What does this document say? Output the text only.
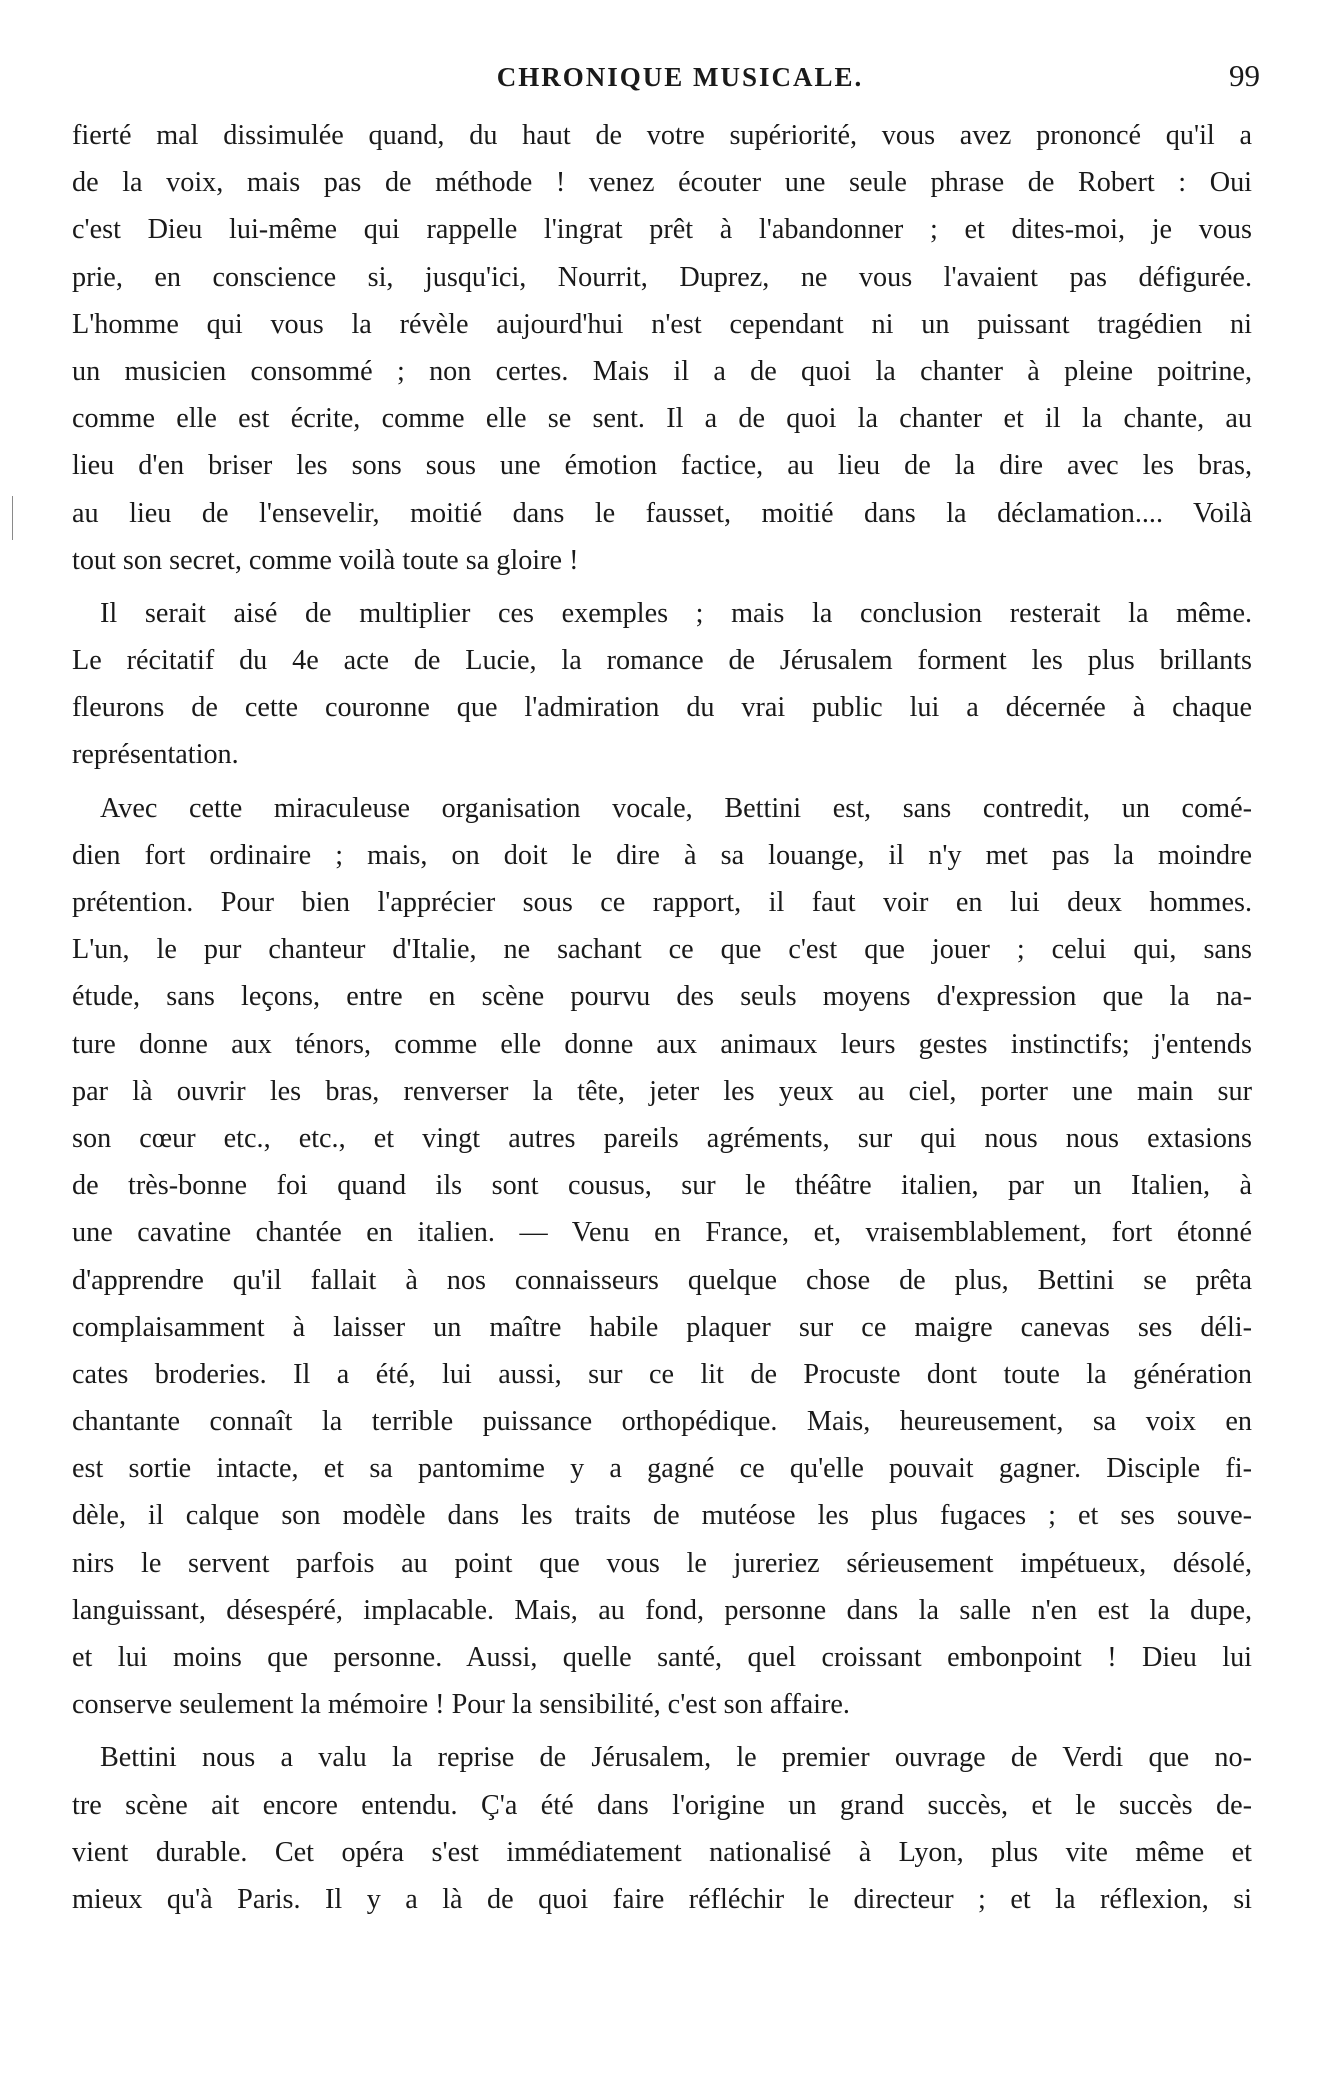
CHRONIQUE MUSICALE.	99
fierté mal dissimulée quand, du haut de votre supériorité, vous avez prononcé qu'il a
de la voix, mais pas de méthode ! venez écouter une seule phrase de Robert : Oui
c'est Dieu lui-même qui rappelle l'ingrat prêt à l'abandonner ; et dites-moi, je vous
prie, en conscience si, jusqu'ici, Nourrit, Duprez, ne vous l'avaient pas défigurée.
L'homme qui vous la révèle aujourd'hui n'est cependant ni un puissant tragédien ni
un musicien consommé ; non certes. Mais il a de quoi la chanter à pleine poitrine,
comme elle est écrite, comme elle se sent. Il a de quoi la chanter et il la chante, au
lieu d'en briser les sons sous une émotion factice, au lieu de la dire avec les bras,
au lieu de l'ensevelir, moitié dans le fausset, moitié dans la déclamation.... Voilà
tout son secret, comme voilà toute sa gloire !
Il serait aisé de multiplier ces exemples ; mais la conclusion resterait la même.
Le récitatif du 4e acte de Lucie, la romance de Jérusalem forment les plus brillants
fleurons de cette couronne que l'admiration du vrai public lui a décernée à chaque
représentation.
Avec cette miraculeuse organisation vocale, Bettini est, sans contredit, un comé-
dien fort ordinaire ; mais, on doit le dire à sa louange, il n'y met pas la moindre
prétention. Pour bien l'apprécier sous ce rapport, il faut voir en lui deux hommes.
L'un, le pur chanteur d'Italie, ne sachant ce que c'est que jouer ; celui qui, sans
étude, sans leçons, entre en scène pourvu des seuls moyens d'expression que la na-
ture donne aux ténors, comme elle donne aux animaux leurs gestes instinctifs; j'entends
par là ouvrir les bras, renverser la tête, jeter les yeux au ciel, porter une main sur
son cœur etc., etc., et vingt autres pareils agréments, sur qui nous nous extasions
de très-bonne foi quand ils sont cousus, sur le théâtre italien, par un Italien, à
une cavatine chantée en italien. — Venu en France, et, vraisemblablement, fort étonné
d'apprendre qu'il fallait à nos connaisseurs quelque chose de plus, Bettini se prêta
complaisamment à laisser un maître habile plaquer sur ce maigre canevas ses déli-
cates broderies. Il a été, lui aussi, sur ce lit de Procuste dont toute la génération
chantante connaît la terrible puissance orthopédique. Mais, heureusement, sa voix en
est sortie intacte, et sa pantomime y a gagné ce qu'elle pouvait gagner. Disciple fi-
dèle, il calque son modèle dans les traits de mutéose les plus fugaces ; et ses souve-
nirs le servent parfois au point que vous le jureriez sérieusement impétueux, désolé,
languissant, désespéré, implacable. Mais, au fond, personne dans la salle n'en est la dupe,
et lui moins que personne. Aussi, quelle santé, quel croissant embonpoint ! Dieu lui
conserve seulement la mémoire ! Pour la sensibilité, c'est son affaire.
Bettini nous a valu la reprise de Jérusalem, le premier ouvrage de Verdi que no-
tre scène ait encore entendu. Ç'a été dans l'origine un grand succès, et le succès de-
vient durable. Cet opéra s'est immédiatement nationalisé à Lyon, plus vite même et
mieux qu'à Paris. Il y a là de quoi faire réfléchir le directeur ; et la réflexion, si
